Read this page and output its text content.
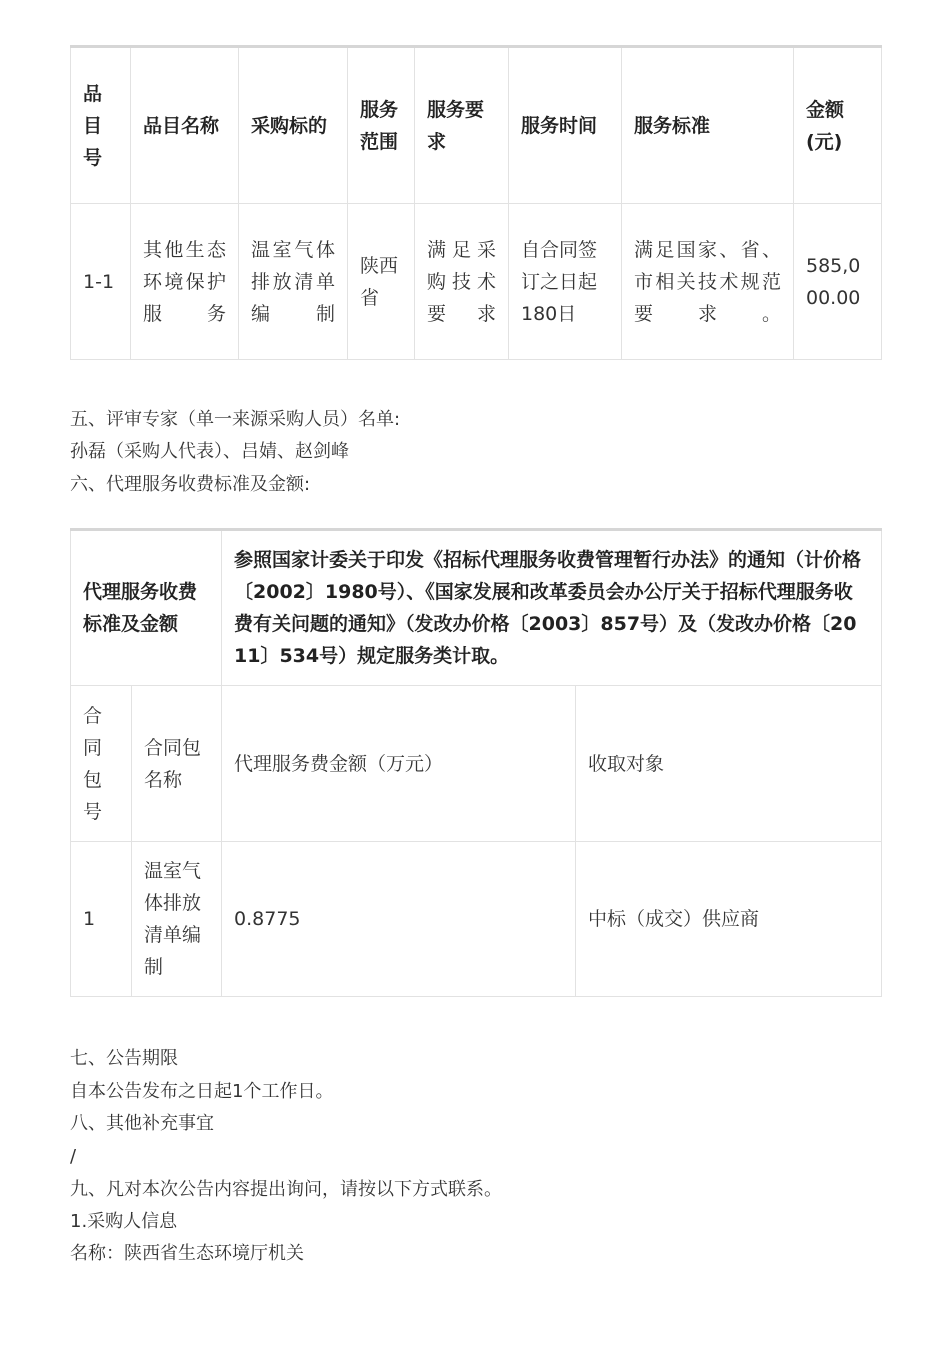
品目号	品目名称	采购标的	服务范围	服务要求	服务时间	服务标准	金额(元)
1-1	其他生态环境保护服务	温室气体排放清单编制	陕西省	满足采购技术要求	自合同签订之日起180日	满足国家、省、市相关技术规范要求。	585,000.00

五、评审专家（单一来源采购人员）名单:

孙磊（采购人代表）、吕婧、赵剑峰

六、代理服务收费标准及金额:

代理服务收费标准及金额		参照国家计委关于印发《招标代理服务收费管理暂行办法》的通知（计价格〔2002〕1980号）、《国家发展和改革委员会办公厅关于招标代理服务收费有关问题的通知》（发改办价格〔2003〕857号）及（发改办价格〔2011〕534号）规定服务类计取。	
合同包号	合同包名称	代理服务费金额（万元）	收取对象
1	温室气体排放清单编制	0.8775	中标（成交）供应商

七、公告期限

自本公告发布之日起1个工作日。

八、其他补充事宜

/

九、凡对本次公告内容提出询问，请按以下方式联系。

1.采购人信息

名称：陕西省生态环境厅机关
